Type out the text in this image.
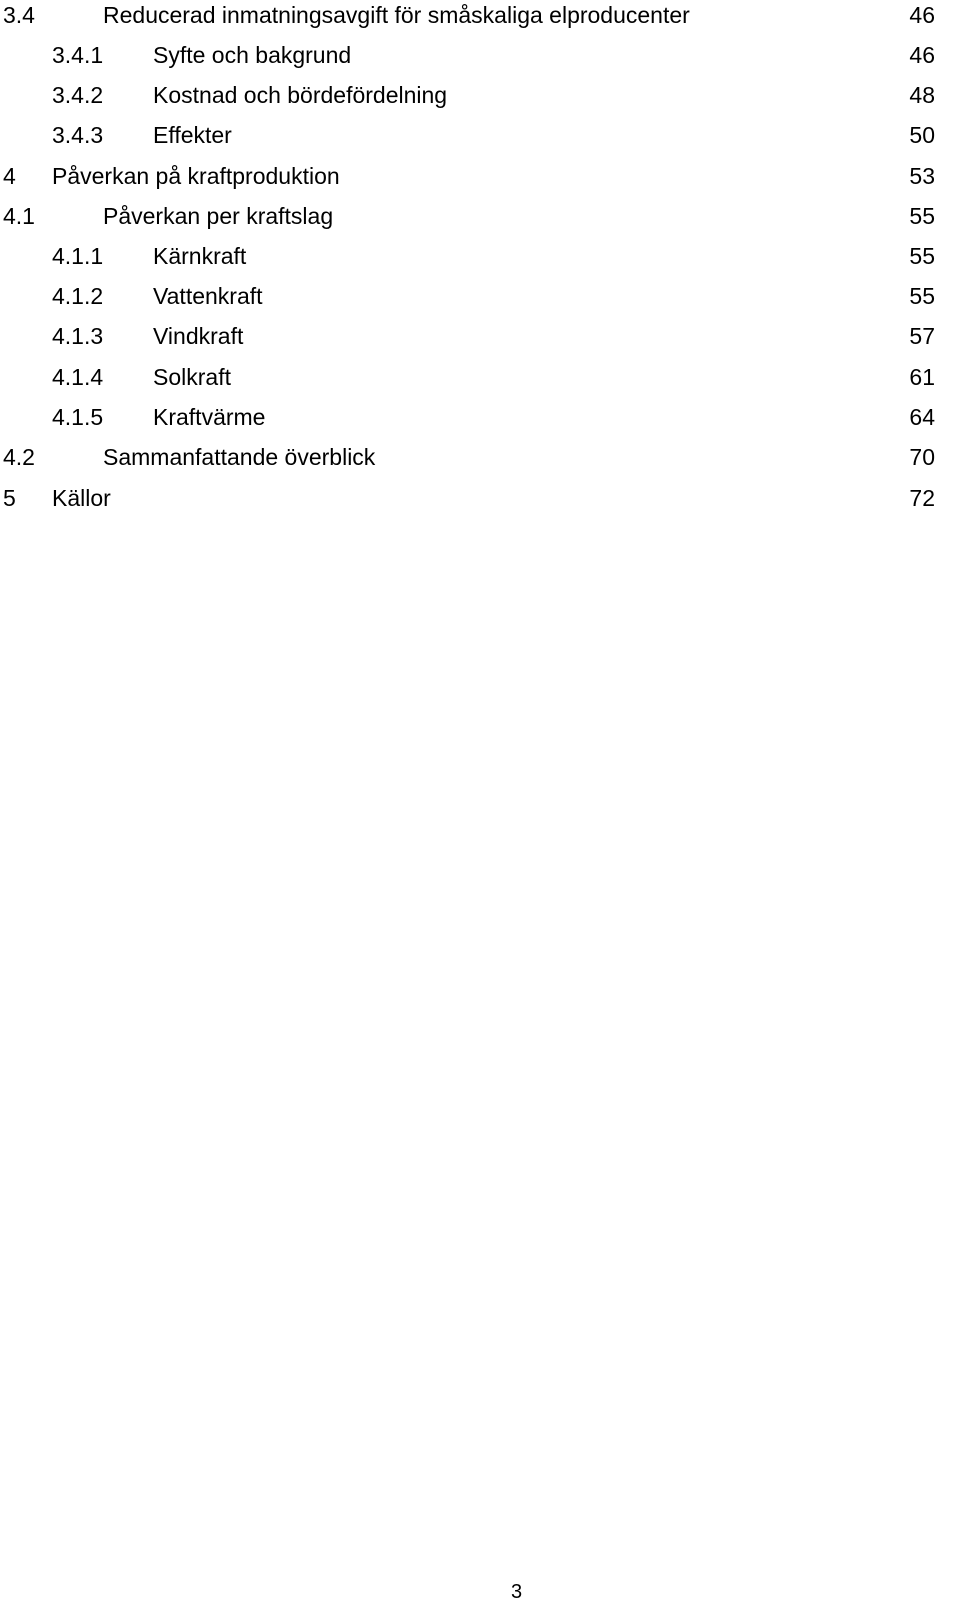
3.4	Reducerad inmatningsavgift för småskaliga elproducenter	46
3.4.1 Syfte och bakgrund	46
3.4.2 Kostnad och bördefördelning	48
3.4.3 Effekter	50
4 Påverkan på kraftproduktion	53
4.1	Påverkan per kraftslag	55
4.1.1 Kärnkraft	55
4.1.2 Vattenkraft	55
4.1.3 Vindkraft	57
4.1.4 Solkraft	61
4.1.5 Kraftvärme	64
4.2	Sammanfattande överblick	70
5 Källor	72
3
